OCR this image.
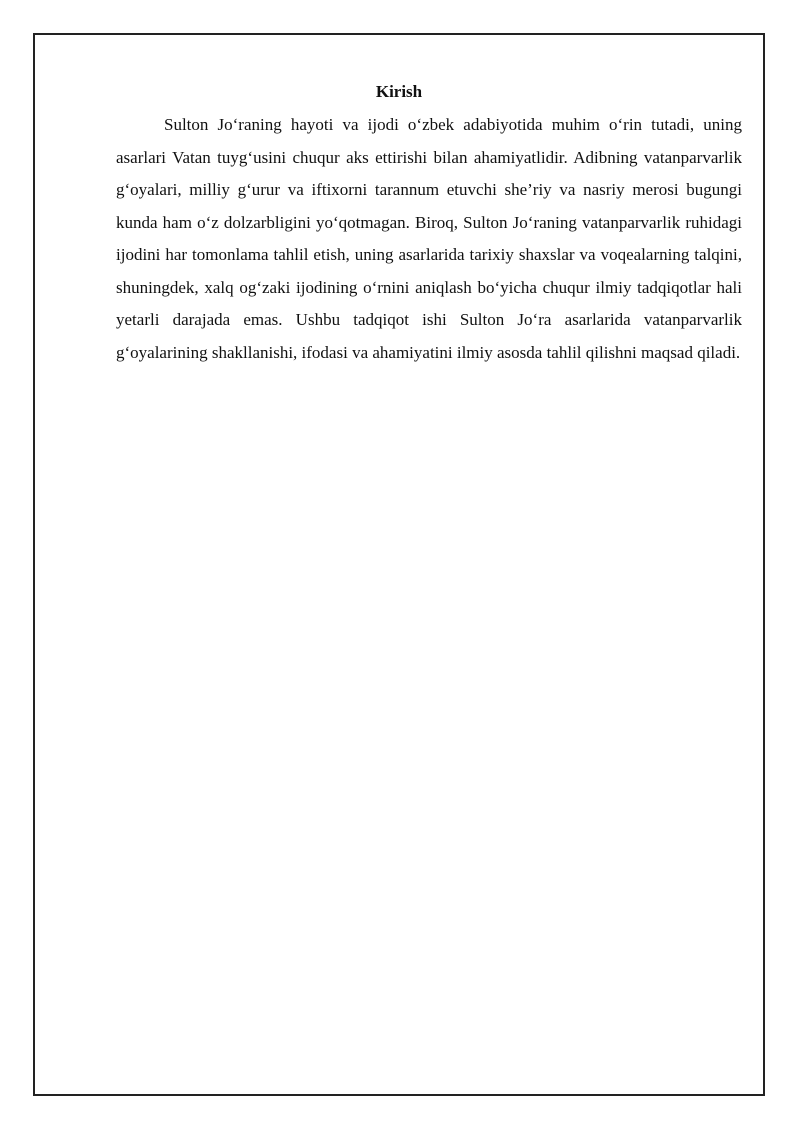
Kirish

Sulton Jo‘raning hayoti va ijodi o‘zbek adabiyotida muhim o‘rin tutadi, uning asarlari Vatan tuyg‘usini chuqur aks ettirishi bilan ahamiyatlidir. Adibning vatanparvarlik g‘oyalari, milliy g‘urur va iftixorni tarannum etuvchi she’riy va nasriy merosi bugungi kunda ham o‘z dolzarbligini yo‘qotmagan. Biroq, Sulton Jo‘raning vatanparvarlik ruhidagi ijodini har tomonlama tahlil etish, uning asarlarida tarixiy shaxslar va voqealarning talqini, shuningdek, xalq og‘zaki ijodining o‘rnini aniqlash bo‘yicha chuqur ilmiy tadqiqotlar hali yetarli darajada emas. Ushbu tadqiqot ishi Sulton Jo‘ra asarlarida vatanparvarlik g‘oyalarining shakllanishi, ifodasi va ahamiyatini ilmiy asosda tahlil qilishni maqsad qiladi.
